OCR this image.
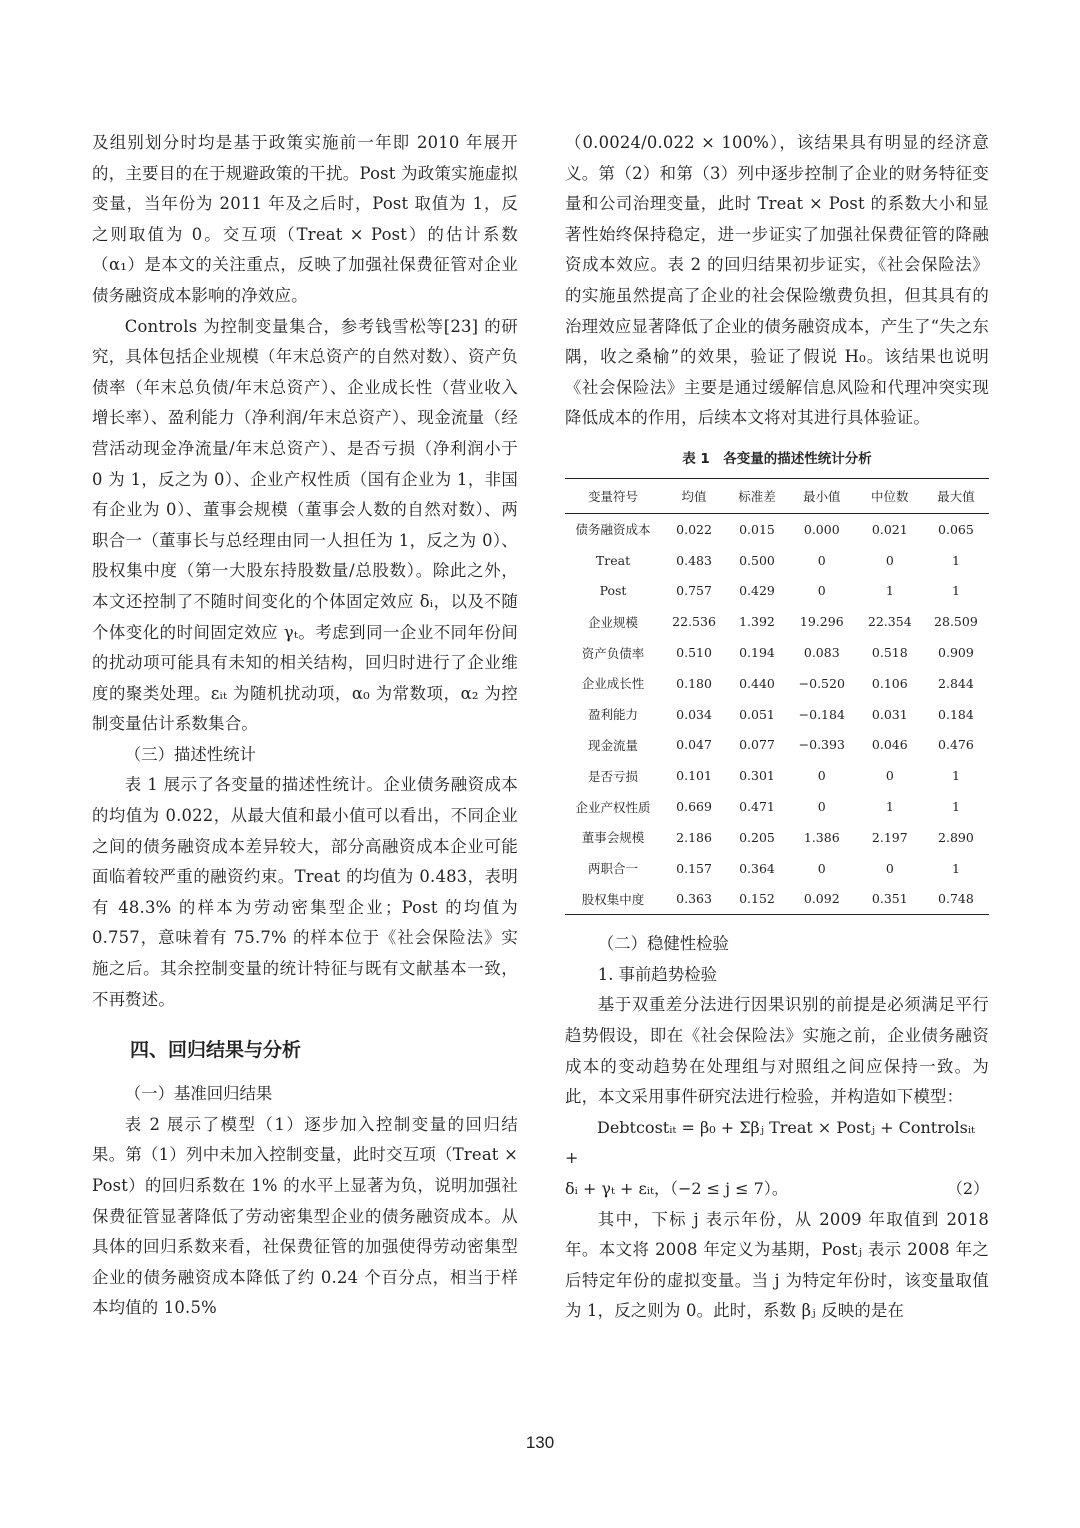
及组别划分时均是基于政策实施前一年即 2010 年展开的，主要目的在于规避政策的干扰。Post 为政策实施虚拟变量，当年份为 2011 年及之后时，Post 取值为 1，反之则取值为 0。交互项（Treat × Post）的估计系数（α₁）是本文的关注重点，反映了加强社保费征管对企业债务融资成本影响的净效应。

Controls 为控制变量集合，参考钱雪松等[23] 的研究，具体包括企业规模（年末总资产的自然对数）、资产负债率（年末总负债/年末总资产）、企业成长性（营业收入增长率）、盈利能力（净利润/年末总资产）、现金流量（经营活动现金净流量/年末总资产）、是否亏损（净利润小于 0 为 1，反之为 0）、企业产权性质（国有企业为 1，非国有企业为 0）、董事会规模（董事会人数的自然对数）、两职合一（董事长与总经理由同一人担任为 1，反之为 0）、股权集中度（第一大股东持股数量/总股数）。除此之外，本文还控制了不随时间变化的个体固定效应 δᵢ，以及不随个体变化的时间固定效应 γₜ。考虑到同一企业不同年份间的扰动项可能具有未知的相关结构，回归时进行了企业维度的聚类处理。εᵢₜ 为随机扰动项，α₀ 为常数项，α₂ 为控制变量估计系数集合。

（三）描述性统计

表 1 展示了各变量的描述性统计。企业债务融资成本的均值为 0.022，从最大值和最小值可以看出，不同企业之间的债务融资成本差异较大，部分高融资成本企业可能面临着较严重的融资约束。Treat 的均值为 0.483，表明有 48.3% 的样本为劳动密集型企业；Post 的均值为 0.757，意味着有 75.7% 的样本位于《社会保险法》实施之后。其余控制变量的统计特征与既有文献基本一致，不再赘述。

四、回归结果与分析

（一）基准回归结果

表 2 展示了模型（1）逐步加入控制变量的回归结果。第（1）列中未加入控制变量，此时交互项（Treat × Post）的回归系数在 1% 的水平上显著为负，说明加强社保费征管显著降低了劳动密集型企业的债务融资成本。从具体的回归系数来看，社保费征管的加强使得劳动密集型企业的债务融资成本降低了约 0.24 个百分点，相当于样本均值的 10.5%

（0.0024/0.022 × 100%），该结果具有明显的经济意义。第（2）和第（3）列中逐步控制了企业的财务特征变量和公司治理变量，此时 Treat × Post 的系数大小和显著性始终保持稳定，进一步证实了加强社保费征管的降融资成本效应。表 2 的回归结果初步证实，《社会保险法》的实施虽然提高了企业的社会保险缴费负担，但其具有的治理效应显著降低了企业的债务融资成本，产生了“失之东隅，收之桑榆”的效果，验证了假说 H₀。该结果也说明《社会保险法》主要是通过缓解信息风险和代理冲突实现降低成本的作用，后续本文将对其进行具体验证。

表 1　各变量的描述性统计分析
变量符号	均值	标准差	最小值	中位数	最大值
债务融资成本	0.022	0.015	0.000	0.021	0.065
Treat	0.483	0.500	0	0	1
Post	0.757	0.429	0	1	1
企业规模	22.536	1.392	19.296	22.354	28.509
资产负债率	0.510	0.194	0.083	0.518	0.909
企业成长性	0.180	0.440	−0.520	0.106	2.844
盈利能力	0.034	0.051	−0.184	0.031	0.184
现金流量	0.047	0.077	−0.393	0.046	0.476
是否亏损	0.101	0.301	0	0	1
企业产权性质	0.669	0.471	0	1	1
董事会规模	2.186	0.205	1.386	2.197	2.890
两职合一	0.157	0.364	0	0	1
股权集中度	0.363	0.152	0.092	0.351	0.748

（二）稳健性检验

1. 事前趋势检验

基于双重差分法进行因果识别的前提是必须满足平行趋势假设，即在《社会保险法》实施之前，企业债务融资成本的变动趋势在处理组与对照组之间应保持一致。为此，本文采用事件研究法进行检验，并构造如下模型：

Debtcostᵢₜ = β₀ + Σβⱼ Treat × Postⱼ + Controlsᵢₜ +

δᵢ + γₜ + εᵢₜ，（−2 ≤ j ≤ 7）。	（2）

其中，下标 j 表示年份，从 2009 年取值到 2018 年。本文将 2008 年定义为基期，Postⱼ 表示 2008 年之后特定年份的虚拟变量。当 j 为特定年份时，该变量取值为 1，反之则为 0。此时，系数 βⱼ 反映的是在

130
